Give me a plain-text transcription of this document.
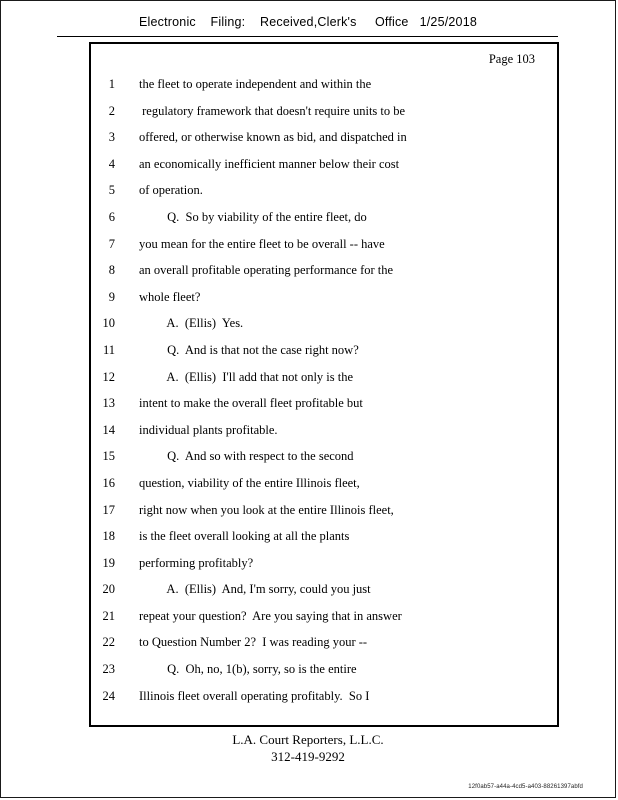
Electronic    Filing:    Received,Clerk's     Office   1/25/2018
Page 103
1 the fleet to operate independent and within the
2 regulatory framework that doesn't require units to be
3 offered, or otherwise known as bid, and dispatched in
4 an economically inefficient manner below their cost
5 of operation.
6 Q.  So by viability of the entire fleet, do
7 you mean for the entire fleet to be overall -- have
8 an overall profitable operating performance for the
9 whole fleet?
10 A.  (Ellis)  Yes.
11 Q.  And is that not the case right now?
12 A.  (Ellis)  I'll add that not only is the
13 intent to make the overall fleet profitable but
14 individual plants profitable.
15 Q.  And so with respect to the second
16 question, viability of the entire Illinois fleet,
17 right now when you look at the entire Illinois fleet,
18 is the fleet overall looking at all the plants
19 performing profitably?
20 A.  (Ellis)  And, I'm sorry, could you just
21 repeat your question?  Are you saying that in answer
22 to Question Number 2?  I was reading your --
23 Q.  Oh, no, 1(b), sorry, so is the entire
24 Illinois fleet overall operating profitably.  So I
L.A. Court Reporters, L.L.C.
312-419-9292
12f0ab57-a44a-4cd5-a403-88261397abfd
